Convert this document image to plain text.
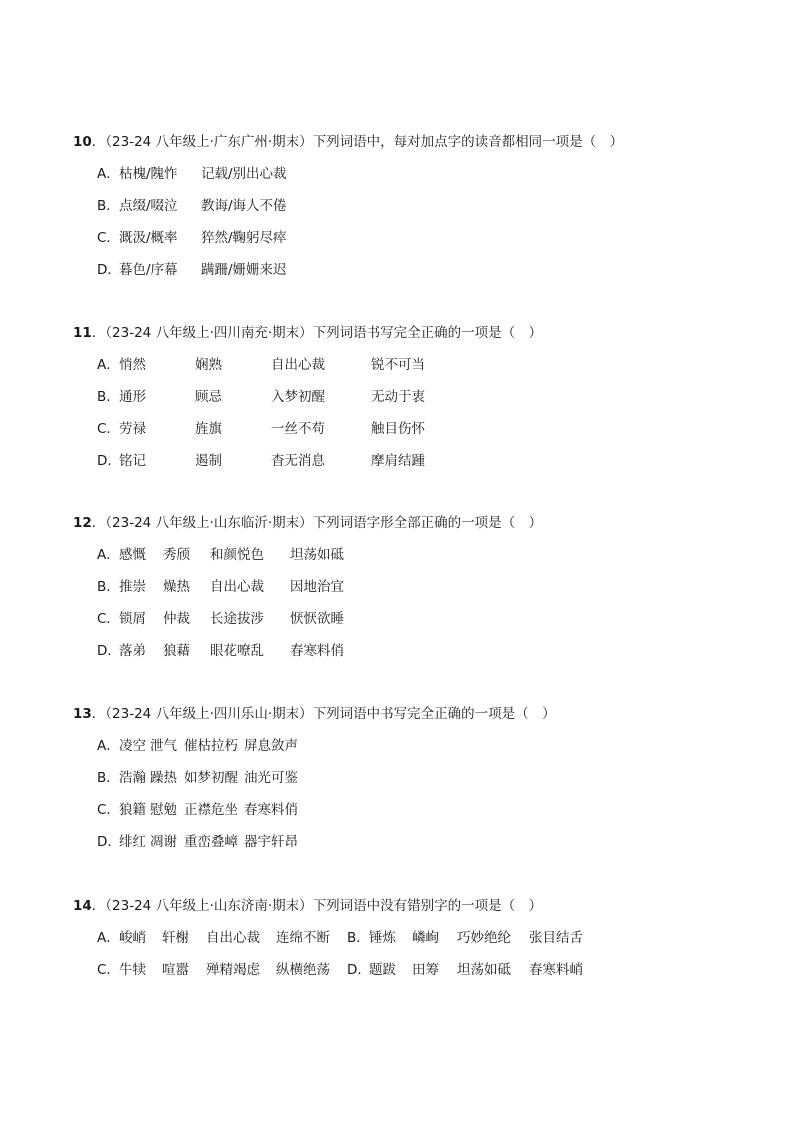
10．（23-24 八年级上·广东广州·期末）下列词语中，每对加点字的读音都相同一项是（　）
A．枯槐/隗怍 记载/别出心裁
B．点缀/啜泣 教诲/诲人不倦
C．溉汲/概率 猝然/鞠躬尽瘁
D．暮色/序幕 蹒跚/姗姗来迟
11．（23-24 八年级上·四川南充·期末）下列词语书写完全正确的一项是（　）
A．悄然	娴熟	自出心裁	锐不可当
B．通形	顾忌	入梦初醒	无动于衷
C．劳禄	旌旗	一丝不苟	触目伤怀
D．铭记	遏制	杳无消息	摩肩结踵
12．（23-24 八年级上·山东临沂·期末）下列词语字形全部正确的一项是（　）
A．感慨 秀颀 和颜悦色 坦荡如砥
B．推崇 燥热 自出心裁 因地治宜
C．锁屑 仲裁 长途拔涉 恹恹欲睡
D．落弟 狼藉 眼花嘹乱 春寒料俏
13．（23-24 八年级上·四川乐山·期末）下列词语中书写完全正确的一项是（　）
A．凌空 泄气 催枯拉朽 屏息敛声
B．浩瀚 躁热 如梦初醒 油光可鉴
C．狼籍 慰勉 正襟危坐 春寒料俏
D．绯红 凋谢 重峦叠嶂 器宇轩昂
14．（23-24 八年级上·山东济南·期末）下列词语中没有错别字的一项是（　）
A．峻峭 轩榭 自出心裁 连绵不断 B．锤炼 嶙峋 巧妙绝纶 张目结舌
C．牛犊 喧嚣 殚精竭虑 纵横绝荡 D．题跋 田筹 坦荡如砥 春寒料峭
